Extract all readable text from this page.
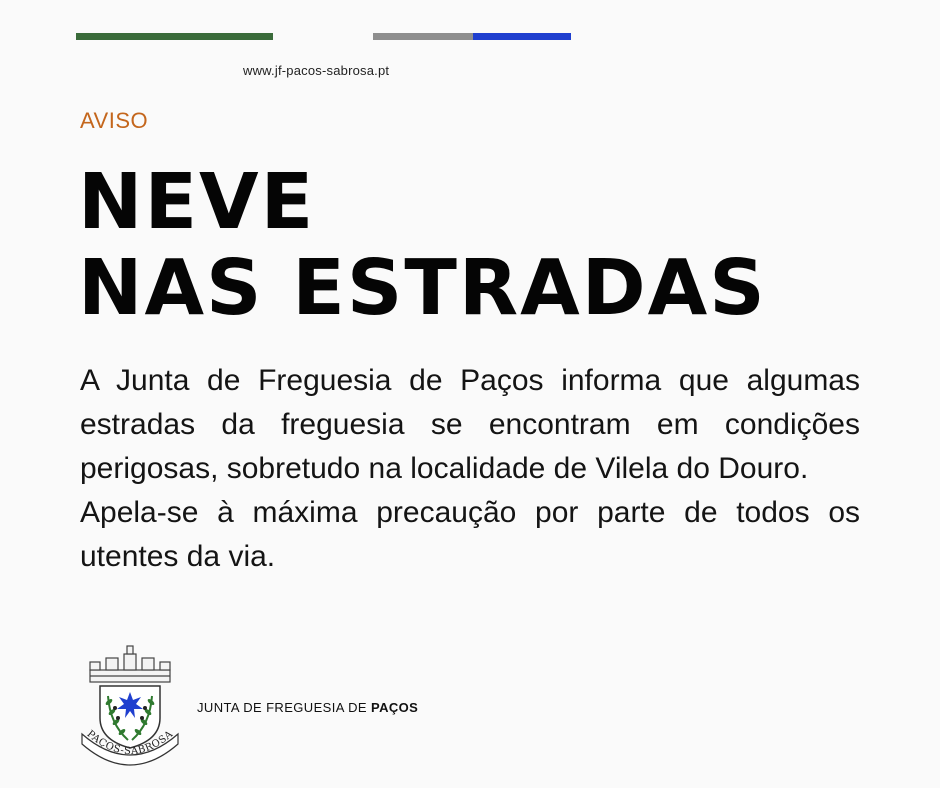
www.jf-pacos-sabrosa.pt
AVISO
NEVE
NAS ESTRADAS

A Junta de Freguesia de Paços informa que algumas estradas da freguesia se encontram em condições perigosas, sobretudo na localidade de Vilela do Douro.

Apela-se à máxima precaução por parte de todos os utentes da via.

PAÇOS-SABROSA
JUNTA DE FREGUESIA DE PAÇOS
